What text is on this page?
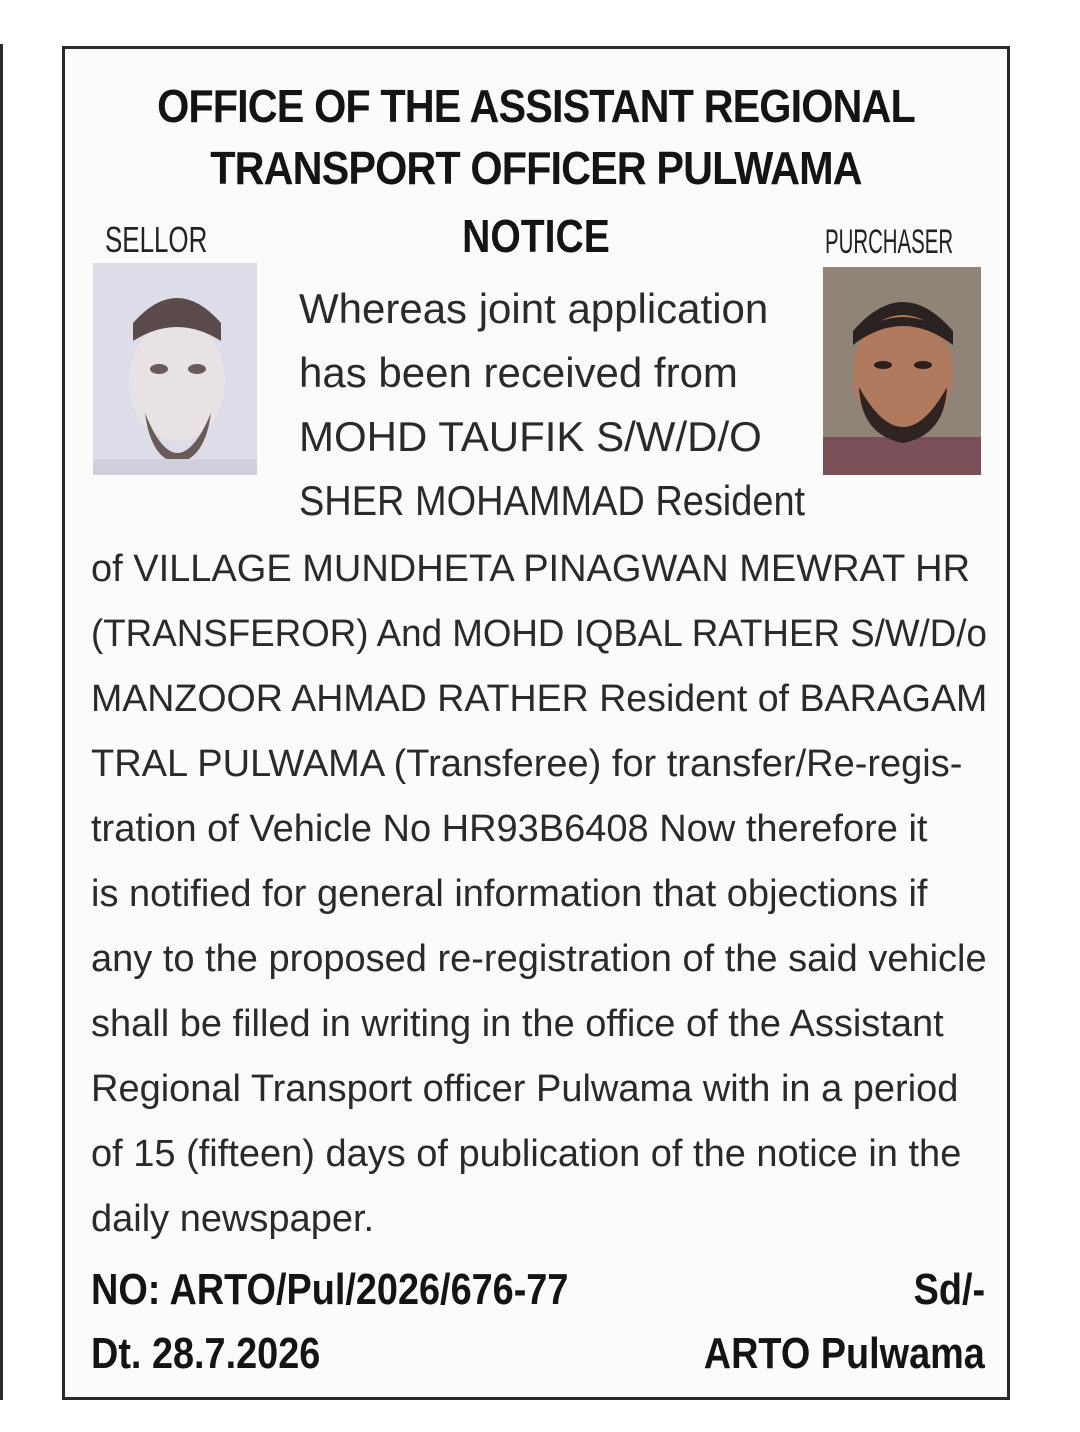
OFFICE OF THE ASSISTANT REGIONAL
TRANSPORT OFFICER PULWAMA
NOTICE
SELLOR	PURCHASER
Whereas joint application
has been received from
MOHD TAUFIK S/W/D/O
SHER MOHAMMAD Resident
of VILLAGE MUNDHETA PINAGWAN MEWRAT HR
(TRANSFEROR) And MOHD IQBAL RATHER S/W/D/o
MANZOOR AHMAD RATHER Resident of BARAGAM
TRAL PULWAMA (Transferee) for transfer/Re-regis-
tration of Vehicle No HR93B6408 Now therefore it
is notified for general information that objections if
any to the proposed re-registration of the said vehicle
shall be filled in writing in the office of the Assistant
Regional Transport officer Pulwama with in a period
of 15 (fifteen) days of publication of the notice in the
daily newspaper.
NO: ARTO/Pul/2026/676-77	Sd/-
Dt. 28.7.2026	ARTO Pulwama
